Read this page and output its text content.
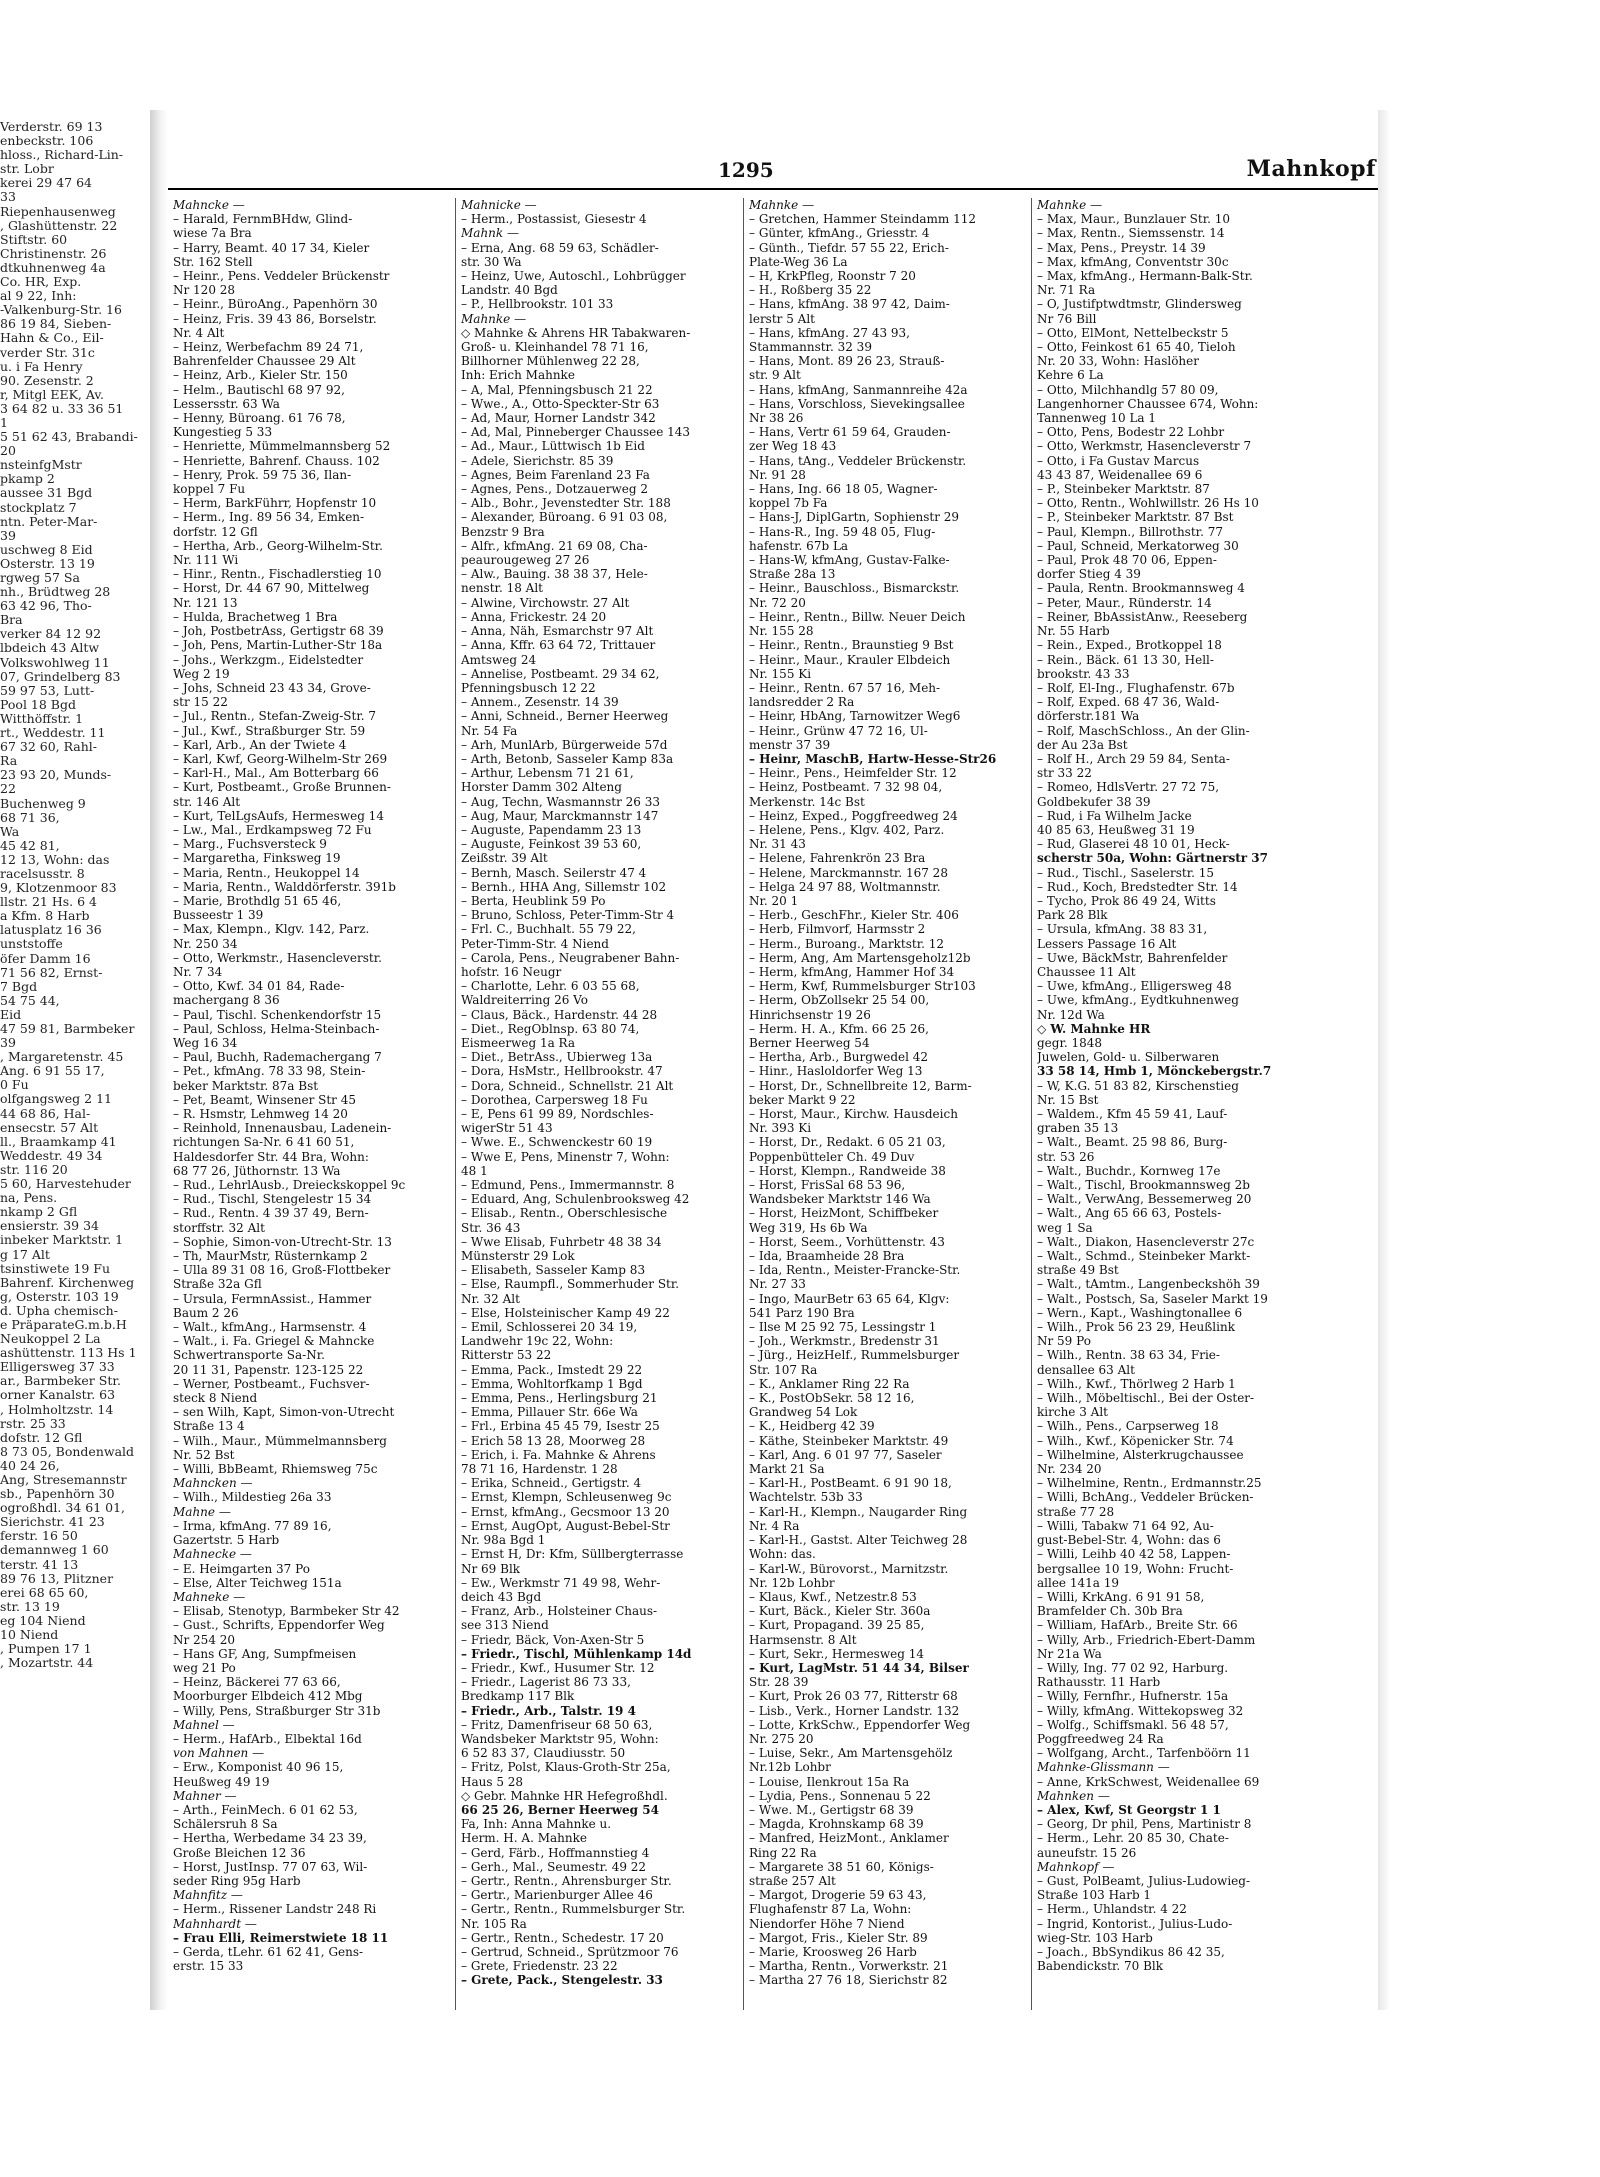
Verderstr. 69 13
enbeckstr. 106
hloss., Richard-Lin-
str. Lobr
kerei 29 47 64
33
Riepenhausenweg
, Glashüttenstr. 22
Stiftstr. 60
Christinenstr. 26
dtkuhnenweg 4a
Co. HR, Exp.
al 9 22, Inh:
-Valkenburg-Str. 16
86 19 84, Sieben-
Hahn & Co., Eil-
verder Str. 31c
u. i Fa Henry
90. Zesenstr. 2
r, Mitgl EEK, Av.
3 64 82 u. 33 36 51
1
5 51 62 43, Brabandi-
20
nsteinfgMstr
pkamp 2
aussee 31 Bgd
stockplatz 7
ntn. Peter-Mar-
39
uschweg 8 Eid
Osterstr. 13 19
rgweg 57 Sa
nh., Brüdtweg 28
63 42 96, Tho-
Bra
verker 84 12 92
lbdeich 43 Altw
Volkswohlweg 11
07, Grindelberg 83
59 97 53, Lutt-
Pool 18 Bgd
Witthöffstr. 1
rt., Weddestr. 11
67 32 60, Rahl-
Ra
23 93 20, Munds-
22
Buchenweg 9
68 71 36,
Wa
45 42 81,
12 13, Wohn: das
racelsusstr. 8
9, Klotzenmoor 83
llstr. 21 Hs. 6 4
a Kfm. 8 Harb
latusplatz 16 36
unststoffe
öfer Damm 16
71 56 82, Ernst-
7 Bgd
54 75 44,
Eid
47 59 81, Barmbeker
39
, Margaretenstr. 45
Ang. 6 91 55 17,
0 Fu
olfgangsweg 2 11
44 68 86, Hal-
ensecstr. 57 Alt
ll., Braamkamp 41
Weddestr. 49 34
str. 116 20
5 60, Harvestehuder
na, Pens.
nkamp 2 Gfl
ensierstr. 39 34
inbeker Marktstr. 1
g 17 Alt
tsinstiwete 19 Fu
Bahrenf. Kirchenweg
g, Osterstr. 103 19
d. Upha chemisch-
e PräparateG.m.b.H
Neukoppel 2 La
ashüttenstr. 113 Hs 1
Elligersweg 37 33
ar., Barmbeker Str.
orner Kanalstr. 63
, Holmholtzstr. 14
rstr. 25 33
dofstr. 12 Gfl
8 73 05, Bondenwald
40 24 26,
Ang, Stresemannstr
sb., Papenhörn 30
ogroßhdl. 34 61 01,
Sierichstr. 41 23
ferstr. 16 50
demannweg 1 60
terstr. 41 13
89 76 13, Plitzner
erei 68 65 60,
str. 13 19
eg 104 Niend
10 Niend
, Pumpen 17 1
, Mozartstr. 44
1295	Mahnkopf
Mahncke —
– Harald, FernmBHdw, Glind-
wiese 7a Bra
– Harry, Beamt. 40 17 34, Kieler
Str. 162 Stell
– Heinr., Pens. Veddeler Brückenstr
Nr 120 28
– Heinr., BüroAng., Papenhörn 30
– Heinz, Fris. 39 43 86, Borselstr.
Nr. 4 Alt
– Heinz, Werbefachm 89 24 71,
Bahrenfelder Chaussee 29 Alt
– Heinz, Arb., Kieler Str. 150
– Helm., Bautischl 68 97 92,
Lessersstr. 63 Wa
– Henny, Büroang. 61 76 78,
Kungestieg 5 33
– Henriette, Mümmelmannsberg 52
– Henriette, Bahrenf. Chauss. 102
– Henry, Prok. 59 75 36, Ilan-
koppel 7 Fu
– Herm, BarkFührr, Hopfenstr 10
– Herm., Ing. 89 56 34, Emken-
dorfstr. 12 Gfl
– Hertha, Arb., Georg-Wilhelm-Str.
Nr. 111 Wi
– Hinr., Rentn., Fischadlerstieg 10
– Horst, Dr. 44 67 90, Mittelweg
Nr. 121 13
– Hulda, Brachetweg 1 Bra
– Joh, PostbetrAss, Gertigstr 68 39
– Joh, Pens, Martin-Luther-Str 18a
– Johs., Werkzgm., Eidelstedter
Weg 2 19
– Johs, Schneid 23 43 34, Grove-
str 15 22
– Jul., Rentn., Stefan-Zweig-Str. 7
– Jul., Kwf., Straßburger Str. 59
– Karl, Arb., An der Twiete 4
– Karl, Kwf, Georg-Wilhelm-Str 269
– Karl-H., Mal., Am Botterbarg 66
– Kurt, Postbeamt., Große Brunnen-
str. 146 Alt
– Kurt, TelLgsAufs, Hermesweg 14
– Lw., Mal., Erdkampsweg 72 Fu
– Marg., Fuchsversteck 9
– Margaretha, Finksweg 19
– Maria, Rentn., Heukoppel 14
– Maria, Rentn., Walddörferstr. 391b
– Marie, Brothdlg 51 65 46,
Busseestr 1 39
– Max, Klempn., Klgv. 142, Parz.
Nr. 250 34
– Otto, Werkmstr., Hasencleverstr.
Nr. 7 34
– Otto, Kwf. 34 01 84, Rade-
machergang 8 36
– Paul, Tischl. Schenkendorfstr 15
– Paul, Schloss, Helma-Steinbach-
Weg 16 34
– Paul, Buchh, Rademachergang 7
– Pet., kfmAng. 78 33 98, Stein-
beker Marktstr. 87a Bst
– Pet, Beamt, Winsener Str 45
– R. Hsmstr, Lehmweg 14 20
– Reinhold, Innenausbau, Ladenein-
richtungen Sa-Nr. 6 41 60 51,
Haldesdorfer Str. 44 Bra, Wohn:
68 77 26, Jüthornstr. 13 Wa
– Rud., LehrlAusb., Dreieckskoppel 9c
– Rud., Tischl, Stengelestr 15 34
– Rud., Rentn. 4 39 37 49, Bern-
storffstr. 32 Alt
– Sophie, Simon-von-Utrecht-Str. 13
– Th, MaurMstr, Rüsternkamp 2
– Ulla 89 31 08 16, Groß-Flottbeker
Straße 32a Gfl
– Ursula, FermnAssist., Hammer
Baum 2 26
– Walt., kfmAng., Harmsenstr. 4
– Walt., i. Fa. Griegel & Mahncke
Schwertransporte Sa-Nr.
20 11 31, Papenstr. 123-125 22
– Werner, Postbeamt., Fuchsver-
steck 8 Niend
– sen Wilh, Kapt, Simon-von-Utrecht
Straße 13 4
– Wilh., Maur., Mümmelmannsberg
Nr. 52 Bst
– Willi, BbBeamt, Rhiemsweg 75c
Mahncken —
– Wilh., Mildestieg 26a 33
Mahne —
– Irma, kfmAng. 77 89 16,
Gazertstr. 5 Harb
Mahnecke —
– E. Heimgarten 37 Po
– Else, Alter Teichweg 151a
Mahneke —
– Elisab, Stenotyp, Barmbeker Str 42
– Gust., Schrifts, Eppendorfer Weg
Nr 254 20
– Hans GF, Ang, Sumpfmeisen
weg 21 Po
– Heinz, Bäckerei 77 63 66,
Moorburger Elbdeich 412 Mbg
– Willy, Pens, Straßburger Str 31b
Mahnel —
– Herm., HafArb., Elbektal 16d
von Mahnen —
– Erw., Komponist 40 96 15,
Heußweg 49 19
Mahner —
– Arth., FeinMech. 6 01 62 53,
Schälersruh 8 Sa
– Hertha, Werbedame 34 23 39,
Große Bleichen 12 36
– Horst, JustInsp. 77 07 63, Wil-
seder Ring 95g Harb
Mahnfitz —
– Herm., Rissener Landstr 248 Ri
Mahnhardt —
– Frau Elli, Reimerstwiete 18 11
– Gerda, tLehr. 61 62 41, Gens-
erstr. 15 33
Mahnicke —
– Herm., Postassist, Giesestr 4
Mahnk —
– Erna, Ang. 68 59 63, Schädler-
str. 30 Wa
– Heinz, Uwe, Autoschl., Lohbrügger
Landstr. 40 Bgd
– P., Hellbrookstr. 101 33
Mahnke —
◇ Mahnke & Ahrens HR Tabakwaren-
Groß- u. Kleinhandel 78 71 16,
Billhorner Mühlenweg 22 28,
Inh: Erich Mahnke
– A, Mal, Pfenningsbusch 21 22
– Wwe., A., Otto-Speckter-Str 63
– Ad, Maur, Horner Landstr 342
– Ad, Mal, Pinneberger Chaussee 143
– Ad., Maur., Lüttwisch 1b Eid
– Adele, Sierichstr. 85 39
– Agnes, Beim Farenland 23 Fa
– Agnes, Pens., Dotzauerweg 2
– Alb., Bohr., Jevenstedter Str. 188
– Alexander, Büroang. 6 91 03 08,
Benzstr 9 Bra
– Alfr., kfmAng. 21 69 08, Cha-
peaurougeweg 27 26
– Alw., Bauing. 38 38 37, Hele-
nenstr. 18 Alt
– Alwine, Virchowstr. 27 Alt
– Anna, Frickestr. 24 20
– Anna, Näh, Esmarchstr 97 Alt
– Anna, Kffr. 63 64 72, Trittauer
Amtsweg 24
– Annelise, Postbeamt. 29 34 62,
Pfenningsbusch 12 22
– Annem., Zesenstr. 14 39
– Anni, Schneid., Berner Heerweg
Nr. 54 Fa
– Arh, MunlArb, Bürgerweide 57d
– Arth, Betonb, Sasseler Kamp 83a
– Arthur, Lebensm 71 21 61,
Horster Damm 302 Alteng
– Aug, Techn, Wasmannstr 26 33
– Aug, Maur, Marckmannstr 147
– Auguste, Papendamm 23 13
– Auguste, Feinkost 39 53 60,
Zeißstr. 39 Alt
– Bernh, Masch. Seilerstr 47 4
– Bernh., HHA Ang, Sillemstr 102
– Berta, Heublink 59 Po
– Bruno, Schloss, Peter-Timm-Str 4
– Frl. C., Buchhalt. 55 79 22,
Peter-Timm-Str. 4 Niend
– Carola, Pens., Neugrabener Bahn-
hofstr. 16 Neugr
– Charlotte, Lehr. 6 03 55 68,
Waldreiterring 26 Vo
– Claus, Bäck., Hardenstr. 44 28
– Diet., RegOblnsp. 63 80 74,
Eismeerweg 1a Ra
– Diet., BetrAss., Ubierweg 13a
– Dora, HsMstr., Hellbrookstr. 47
– Dora, Schneid., Schnellstr. 21 Alt
– Dorothea, Carpersweg 18 Fu
– E, Pens 61 99 89, Nordschles-
wigerStr 51 43
– Wwe. E., Schwenckestr 60 19
– Wwe E, Pens, Minenstr 7, Wohn:
48 1
– Edmund, Pens., Immermannstr. 8
– Eduard, Ang, Schulenbrooksweg 42
– Elisab., Rentn., Oberschlesische
Str. 36 43
– Wwe Elisab, Fuhrbetr 48 38 34
Münsterstr 29 Lok
– Elisabeth, Sasseler Kamp 83
– Else, Raumpfl., Sommerhuder Str.
Nr. 32 Alt
– Else, Holsteinischer Kamp 49 22
– Emil, Schlosserei 20 34 19,
Landwehr 19c 22, Wohn:
Ritterstr 53 22
– Emma, Pack., Imstedt 29 22
– Emma, Wohltorfkamp 1 Bgd
– Emma, Pens., Herlingsburg 21
– Emma, Pillauer Str. 66e Wa
– Frl., Erbina 45 45 79, Isestr 25
– Erich 58 13 28, Moorweg 28
– Erich, i. Fa. Mahnke & Ahrens
78 71 16, Hardenstr. 1 28
– Erika, Schneid., Gertigstr. 4
– Ernst, Klempn, Schleusenweg 9c
– Ernst, kfmAng., Gecsmoor 13 20
– Ernst, AugOpt, August-Bebel-Str
Nr. 98a Bgd 1
– Ernst H, Dr: Kfm, Süllbergterrasse
Nr 69 Blk
– Ew., Werkmstr 71 49 98, Wehr-
deich 43 Bgd
– Franz, Arb., Holsteiner Chaus-
see 313 Niend
– Friedr, Bäck, Von-Axen-Str 5
– Friedr., Tischl, Mühlenkamp 14d
– Friedr., Kwf., Husumer Str. 12
– Friedr., Lagerist 86 73 33,
Bredkamp 117 Blk
– Friedr., Arb., Talstr. 19 4
– Fritz, Damenfriseur 68 50 63,
Wandsbeker Marktstr 95, Wohn:
6 52 83 37, Claudiusstr. 50
– Fritz, Polst, Klaus-Groth-Str 25a,
Haus 5 28
◇ Gebr. Mahnke HR Hefegroßhdl.
66 25 26, Berner Heerweg 54
Fa, Inh: Anna Mahnke u.
Herm. H. A. Mahnke
– Gerd, Färb., Hoffmannstieg 4
– Gerh., Mal., Seumestr. 49 22
– Gertr., Rentn., Ahrensburger Str.
– Gertr., Marienburger Allee 46
– Gertr., Rentn., Rummelsburger Str.
Nr. 105 Ra
– Gertr., Rentn., Schedestr. 17 20
– Gertrud, Schneid., Sprützmoor 76
– Grete, Friedenstr. 23 22
– Grete, Pack., Stengelestr. 33
Mahnke —
– Gretchen, Hammer Steindamm 112
– Günter, kfmAng., Griesstr. 4
– Günth., Tiefdr. 57 55 22, Erich-
Plate-Weg 36 La
– H, KrkPfleg, Roonstr 7 20
– H., Roßberg 35 22
– Hans, kfmAng. 38 97 42, Daim-
lerstr 5 Alt
– Hans, kfmAng. 27 43 93,
Stammannstr. 32 39
– Hans, Mont. 89 26 23, Strauß-
str. 9 Alt
– Hans, kfmAng, Sanmannreihe 42a
– Hans, Vorschloss, Sievekingsallee
Nr 38 26
– Hans, Vertr 61 59 64, Grauden-
zer Weg 18 43
– Hans, tAng., Veddeler Brückenstr.
Nr. 91 28
– Hans, Ing. 66 18 05, Wagner-
koppel 7b Fa
– Hans-J, DiplGartn, Sophienstr 29
– Hans-R., Ing. 59 48 05, Flug-
hafenstr. 67b La
– Hans-W, kfmAng, Gustav-Falke-
Straße 28a 13
– Heinr., Bauschloss., Bismarckstr.
Nr. 72 20
– Heinr., Rentn., Billw. Neuer Deich
Nr. 155 28
– Heinr., Rentn., Braunstieg 9 Bst
– Heinr., Maur., Krauler Elbdeich
Nr. 155 Ki
– Heinr., Rentn. 67 57 16, Meh-
landsredder 2 Ra
– Heinr, HbAng, Tarnowitzer Weg6
– Heinr., Grünw 47 72 16, Ul-
menstr 37 39
– Heinr, MaschB, Hartw-Hesse-Str26
– Heinr., Pens., Heimfelder Str. 12
– Heinz, Postbeamt. 7 32 98 04,
Merkenstr. 14c Bst
– Heinz, Exped., Poggfreedweg 24
– Helene, Pens., Klgv. 402, Parz.
Nr. 31 43
– Helene, Fahrenkrön 23 Bra
– Helene, Marckmannstr. 167 28
– Helga 24 97 88, Woltmannstr.
Nr. 20 1
– Herb., GeschFhr., Kieler Str. 406
– Herb, Filmvorf, Harmsstr 2
– Herm., Buroang., Marktstr. 12
– Herm, Ang, Am Martensgeholz12b
– Herm, kfmAng, Hammer Hof 34
– Herm, Kwf, Rummelsburger Str103
– Herm, ObZollsekr 25 54 00,
Hinrichsenstr 19 26
– Herm. H. A., Kfm. 66 25 26,
Berner Heerweg 54
– Hertha, Arb., Burgwedel 42
– Hinr., Hasloldorfer Weg 13
– Horst, Dr., Schnellbreite 12, Barm-
beker Markt 9 22
– Horst, Maur., Kirchw. Hausdeich
Nr. 393 Ki
– Horst, Dr., Redakt. 6 05 21 03,
Poppenbütteler Ch. 49 Duv
– Horst, Klempn., Randweide 38
– Horst, FrisSal 68 53 96,
Wandsbeker Marktstr 146 Wa
– Horst, HeizMont, Schiffbeker
Weg 319, Hs 6b Wa
– Horst, Seem., Vorhüttenstr. 43
– Ida, Braamheide 28 Bra
– Ida, Rentn., Meister-Francke-Str.
Nr. 27 33
– Ingo, MaurBetr 63 65 64, Klgv:
541 Parz 190 Bra
– Ilse M 25 92 75, Lessingstr 1
– Joh., Werkmstr., Bredenstr 31
– Jürg., HeizHelf., Rummelsburger
Str. 107 Ra
– K., Anklamer Ring 22 Ra
– K., PostObSekr. 58 12 16,
Grandweg 54 Lok
– K., Heidberg 42 39
– Käthe, Steinbeker Marktstr. 49
– Karl, Ang. 6 01 97 77, Saseler
Markt 21 Sa
– Karl-H., PostBeamt. 6 91 90 18,
Wachtelstr. 53b 33
– Karl-H., Klempn., Naugarder Ring
Nr. 4 Ra
– Karl-H., Gastst. Alter Teichweg 28
Wohn: das.
– Karl-W., Bürovorst., Marnitzstr.
Nr. 12b Lohbr
– Klaus, Kwf., Netzestr.8 53
– Kurt, Bäck., Kieler Str. 360a
– Kurt, Propagand. 39 25 85,
Harmsenstr. 8 Alt
– Kurt, Sekr., Hermesweg 14
– Kurt, LagMstr. 51 44 34, Bilser
Str. 28 39
– Kurt, Prok 26 03 77, Ritterstr 68
– Lisb., Verk., Horner Landstr. 132
– Lotte, KrkSchw., Eppendorfer Weg
Nr. 275 20
– Luise, Sekr., Am Martensgehölz
Nr.12b Lohbr
– Louise, Ilenkrout 15a Ra
– Lydia, Pens., Sonnenau 5 22
– Wwe. M., Gertigstr 68 39
– Magda, Krohnskamp 68 39
– Manfred, HeizMont., Anklamer
Ring 22 Ra
– Margarete 38 51 60, Königs-
straße 257 Alt
– Margot, Drogerie 59 63 43,
Flughafenstr 87 La, Wohn:
Niendorfer Höhe 7 Niend
– Margot, Fris., Kieler Str. 89
– Marie, Kroosweg 26 Harb
– Martha, Rentn., Vorwerkstr. 21
– Martha 27 76 18, Sierichstr 82
Mahnke —
– Max, Maur., Bunzlauer Str. 10
– Max, Rentn., Siemssenstr. 14
– Max, Pens., Preystr. 14 39
– Max, kfmAng, Conventstr 30c
– Max, kfmAng., Hermann-Balk-Str.
Nr. 71 Ra
– O, Justifptwdtmstr, Glindersweg
Nr 76 Bill
– Otto, ElMont, Nettelbeckstr 5
– Otto, Feinkost 61 65 40, Tieloh
Nr. 20 33, Wohn: Haslöher
Kehre 6 La
– Otto, Milchhandlg 57 80 09,
Langenhorner Chaussee 674, Wohn:
Tannenweg 10 La 1
– Otto, Pens, Bodestr 22 Lohbr
– Otto, Werkmstr, Hasencleverstr 7
– Otto, i Fa Gustav Marcus
43 43 87, Weidenallee 69 6
– P., Steinbeker Marktstr. 87
– Otto, Rentn., Wohlwillstr. 26 Hs 10
– P., Steinbeker Marktstr. 87 Bst
– Paul, Klempn., Billrothstr. 77
– Paul, Schneid, Merkatorweg 30
– Paul, Prok 48 70 06, Eppen-
dorfer Stieg 4 39
– Paula, Rentn. Brookmannsweg 4
– Peter, Maur., Ründerstr. 14
– Reiner, BbAssistAnw., Reeseberg
Nr. 55 Harb
– Rein., Exped., Brotkoppel 18
– Rein., Bäck. 61 13 30, Hell-
brookstr. 43 33
– Rolf, El-Ing., Flughafenstr. 67b
– Rolf, Exped. 68 47 36, Wald-
dörferstr.181 Wa
– Rolf, MaschSchloss., An der Glin-
der Au 23a Bst
– Rolf H., Arch 29 59 84, Senta-
str 33 22
– Romeo, HdlsVertr. 27 72 75,
Goldbekufer 38 39
– Rud, i Fa Wilhelm Jacke
40 85 63, Heußweg 31 19
– Rud, Glaserei 48 10 01, Heck-
scherstr 50a, Wohn: Gärtnerstr 37
– Rud., Tischl., Saselerstr. 15
– Rud., Koch, Bredstedter Str. 14
– Tycho, Prok 86 49 24, Witts
Park 28 Blk
– Ursula, kfmAng. 38 83 31,
Lessers Passage 16 Alt
– Uwe, BäckMstr, Bahrenfelder
Chaussee 11 Alt
– Uwe, kfmAng., Elligersweg 48
– Uwe, kfmAng., Eydtkuhnenweg
Nr. 12d Wa
◇ W. Mahnke HR
gegr. 1848
Juwelen, Gold- u. Silberwaren
33 58 14, Hmb 1, Mönckebergstr.7
– W, K.G. 51 83 82, Kirschenstieg
Nr. 15 Bst
– Waldem., Kfm 45 59 41, Lauf-
graben 35 13
– Walt., Beamt. 25 98 86, Burg-
str. 53 26
– Walt., Buchdr., Kornweg 17e
– Walt., Tischl, Brookmannsweg 2b
– Walt., VerwAng, Bessemerweg 20
– Walt., Ang 65 66 63, Postels-
weg 1 Sa
– Walt., Diakon, Hasencleverstr 27c
– Walt., Schmd., Steinbeker Markt-
straße 49 Bst
– Walt., tAmtm., Langenbeckshöh 39
– Walt., Postsch, Sa, Saseler Markt 19
– Wern., Kapt., Washingtonallee 6
– Wilh., Prok 56 23 29, Heußlink
Nr 59 Po
– Wilh., Rentn. 38 63 34, Frie-
densallee 63 Alt
– Wilh., Kwf., Thörlweg 2 Harb 1
– Wilh., Möbeltischl., Bei der Oster-
kirche 3 Alt
– Wilh., Pens., Carpserweg 18
– Wilh., Kwf., Köpenicker Str. 74
– Wilhelmine, Alsterkrugchaussee
Nr. 234 20
– Wilhelmine, Rentn., Erdmannstr.25
– Willi, BchAng., Veddeler Brücken-
straße 77 28
– Willi, Tabakw 71 64 92, Au-
gust-Bebel-Str. 4, Wohn: das 6
– Willi, Leihb 40 42 58, Lappen-
bergsallee 10 19, Wohn: Frucht-
allee 141a 19
– Willi, KrkAng. 6 91 91 58,
Bramfelder Ch. 30b Bra
– William, HafArb., Breite Str. 66
– Willy, Arb., Friedrich-Ebert-Damm
Nr 21a Wa
– Willy, Ing. 77 02 92, Harburg.
Rathausstr. 11 Harb
– Willy, Fernfhr., Hufnerstr. 15a
– Willy, kfmAng. Wittekopsweg 32
– Wolfg., Schiffsmakl. 56 48 57,
Poggfreedweg 24 Ra
– Wolfgang, Archt., Tarfenböörn 11
Mahnke-Glissmann —
– Anne, KrkSchwest, Weidenallee 69
Mahnken —
– Alex, Kwf, St Georgstr 1 1
– Georg, Dr phil, Pens, Martinistr 8
– Herm., Lehr. 20 85 30, Chate-
auneufstr. 15 26
Mahnkopf —
– Gust, PolBeamt, Julius-Ludowieg-
Straße 103 Harb 1
– Herm., Uhlandstr. 4 22
– Ingrid, Kontorist., Julius-Ludo-
wieg-Str. 103 Harb
– Joach., BbSyndikus 86 42 35,
Babendickstr. 70 Blk
